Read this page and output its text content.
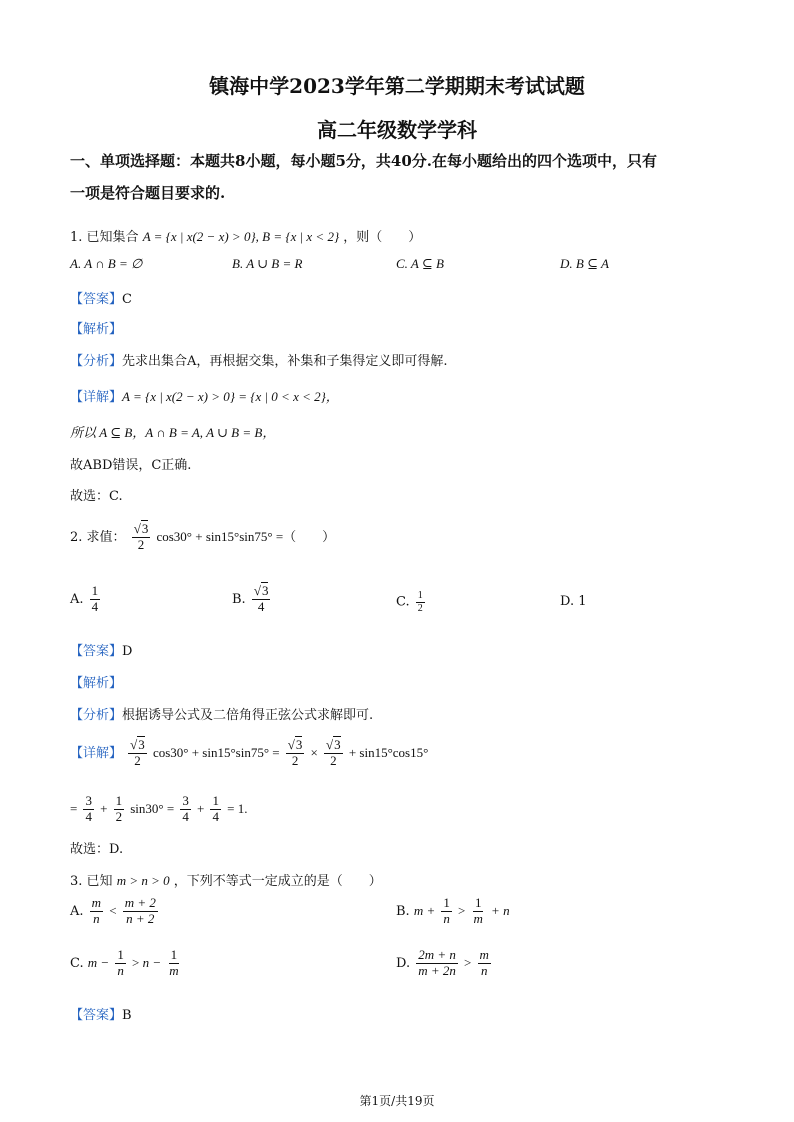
镇海中学2023学年第二学期期末考试试题
高二年级数学学科
一、单项选择题：本题共8小题，每小题5分，共40分.在每小题给出的四个选项中，只有
一项是符合题目要求的.
1. 已知集合 A = {x | x(2 − x) > 0}, B = {x | x < 2} ，则（　　）
A. A ∩ B = ∅	B. A ∪ B = R	C. A ⊆ B	D. B ⊆ A
【答案】C
【解析】
【分析】先求出集合A，再根据交集，补集和子集得定义即可得解.
【详解】A = {x | x(2 − x) > 0} = {x | 0 < x < 2}，
所以 A ⊆ B，A ∩ B = A, A ∪ B = B，
故ABD错误，C正确.
故选：C.
2. 求值： $\frac{√3}{2} \cos 30^\circ + \sin 15^\circ\sin 75^\circ$ =（　　）
A. $\frac{1}{4}$	B. $\frac{√3}{4}$	C. $\frac{1}{2}$	D. 1
【答案】D
【解析】
【分析】根据诱导公式及二倍角得正弦公式求解即可.
【详解】 $\frac{√3}{2} \cos 30^\circ + \sin 15^\circ\sin 75^\circ = \frac{√3}{2} \times \frac{√3}{2} + \sin 15^\circ\cos 15^\circ$
= $\frac{3}{4} + \frac{1}{2} \sin 30^\circ = \frac{3}{4} + \frac{1}{4} = 1$.
故选：D.
3. 已知 m > n > 0 ，下列不等式一定成立的是（　　）
A. $\frac{m}{n} < \frac{m + 2}{n + 2}$	B. $m + \frac{1}{n} > \frac{1}{m} + n$
C. $m - \frac{1}{n} > n - \frac{1}{m}$	D. $\frac{2m + n}{m + 2n} > \frac{m}{n}$
【答案】B
第1页/共19页
